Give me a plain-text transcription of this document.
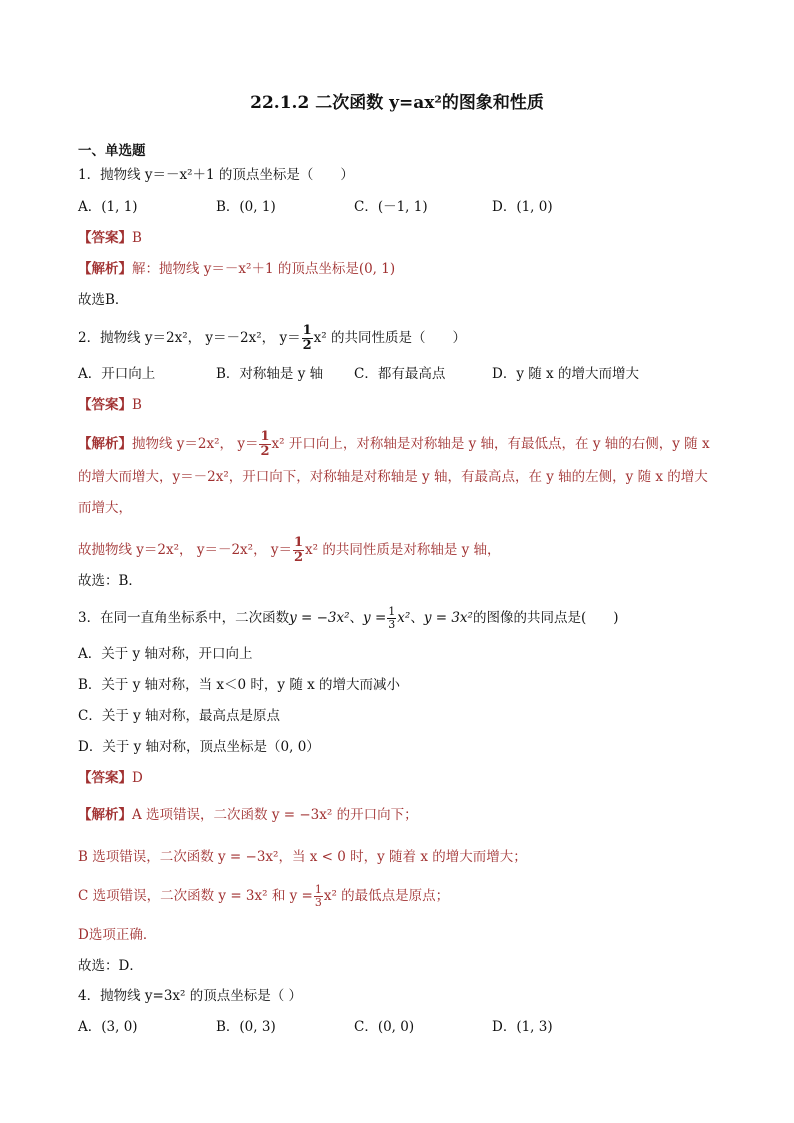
22.1.2 二次函数 y=ax²的图象和性质
一、单选题
1．抛物线 y＝－x²＋1 的顶点坐标是（　　）
A．(1, 1)	B．(0, 1)	C．(－1, 1)	D．(1, 0)
【答案】B
【解析】解：抛物线 y＝－x²＋1 的顶点坐标是(0, 1)
故选B．
2．抛物线 y＝2x²， y＝－2x²， $y= \frac{1}{2} x^2$ 的共同性质是（　　）
A．开口向上	B．对称轴是 y 轴 C．都有最高点	D．y 随 x 的增大而增大
【答案】B
【解析】抛物线 y＝2x²， $y= \frac{1}{2} x^2$ 开口向上，对称轴是对称轴是 y 轴，有最低点，在 y 轴的右侧，y 随 x
的增大而增大，y＝－2x²，开口向下，对称轴是对称轴是 y 轴，有最高点，在 y 轴的左侧，y 随 x 的增大
而增大，
故抛物线 y＝2x²， y＝－2x²， $y= \frac{1}{2} x^2$ 的共同性质是对称轴是 y 轴，
故选：B．
3．在同一直角坐标系中，二次函数y = −3x²、$y = \frac{1}{3} x^2$、y = 3x²的图像的共同点是(　　)
A．关于 y 轴对称，开口向上
B．关于 y 轴对称，当 x＜0 时，y 随 x 的增大而减小
C．关于 y 轴对称，最高点是原点
D．关于 y 轴对称，顶点坐标是（0, 0）
【答案】D
【解析】A 选项错误，二次函数 y = −3x² 的开口向下；
B 选项错误，二次函数 y = −3x²，当 x < 0 时，y 随着 x 的增大而增大；
C 选项错误，二次函数 y = 3x² 和 $y = \frac{1}{3} x^2$ 的最低点是原点；
D选项正确．
故选：D．
4．抛物线 y=3x² 的顶点坐标是（ ）
A．(3, 0)	B．(0, 3)	C．(0, 0)	D．(1, 3)
